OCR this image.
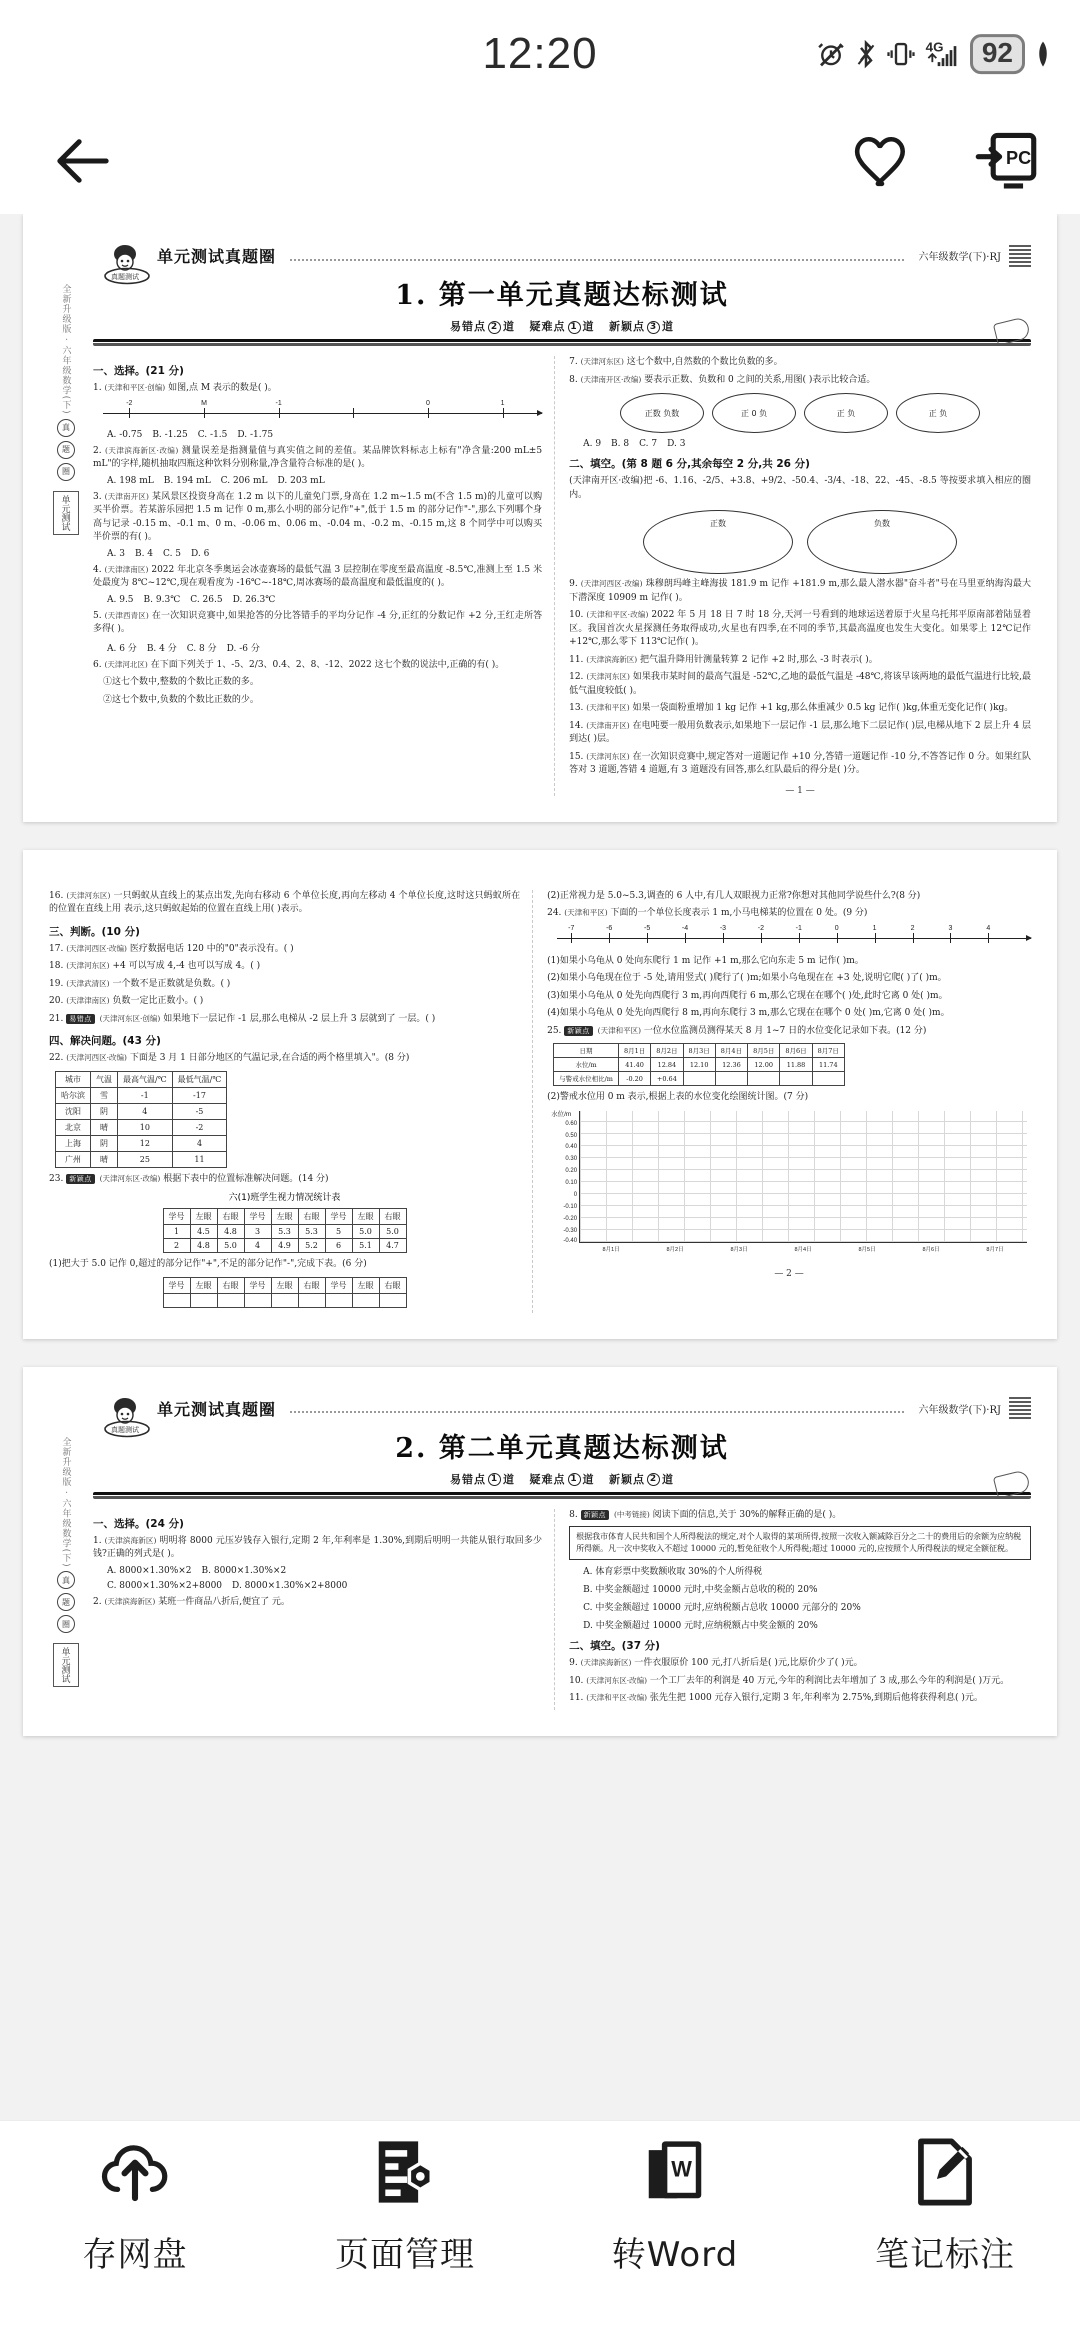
12:20	4G	92
PC
全新升级版 · 六年级数学(下)
真
题
圈
单元测试
真题测试
单元测试真题圈	六年级数学(下)·RJ
1. 第一单元真题达标测试
易错点 2 道 疑难点 1 道 新颖点 3 道
一、选择。(21 分)
1. (天津和平区·创编) 如图,点 M 表示的数是( )。
-2	M	-1	0	1
A. -0.75 B. -1.25 C. -1.5 D. -1.75
2. (天津滨海新区·改编) 测量误差是指测量值与真实值之间的差值。某品牌饮料标志上标有"净含量:200 mL±5 mL"的字样,随机抽取四瓶这种饮料分别称量,净含量符合标准的是( )。
A. 198 mL B. 194 mL C. 206 mL D. 203 mL
3. (天津南开区) 某风景区投资身高在 1.2 m 以下的儿童免门票,身高在 1.2 m~1.5 m(不含 1.5 m)的儿童可以购买半价票。若某游乐园把 1.5 m 记作 0 m,那么小明的部分记作"+",低于 1.5 m 的部分记作"-",那么下列哪个身高与记录 -0.15 m、-0.1 m、0 m、-0.06 m、0.06 m、-0.04 m、-0.2 m、-0.15 m,这 8 个同学中可以购买半价票的有( )。
A. 3 B. 4 C. 5 D. 6
4. (天津津南区) 2022 年北京冬季奥运会冰壶赛场的最低气温 3 层控制在零度至最高温度 -8.5℃,准测上至 1.5 米处最度为 8℃~12℃,现在观看度为 -16℃~-18℃,周冰赛场的最高温度和最低温度的( )。
A. 9.5 B. 9.3℃ C. 26.5 D. 26.3℃
5. (天津西青区) 在一次知识竞赛中,如果抢答的分比答错手的平均分记作 -4 分,正红的分数记作 +2 分,王红走所答多得( )。
A. 6 分 B. 4 分 C. 8 分 D. -6 分
6. (天津河北区) 在下面下列关于 1、-5、2/3、0.4、2、8、-12、2022 这七个数的说法中,正确的有( )。
①这七个数中,整数的个数比正数的多。
②这七个数中,负数的个数比正数的少。
7. (天津河东区) 这七个数中,自然数的个数比负数的多。
8. (天津南开区·改编) 要表示正数、负数和 0 之间的关系,用图( )表示比较合适。
正数 负数	正 0 负	正 负	正 负
A. 9 B. 8 C. 7 D. 3
二、填空。(第 8 题 6 分,其余每空 2 分,共 26 分)
(天津南开区·改编)把 -6、1.16、-2/5、+3.8、+9/2、-50.4、-3/4、-18、22、-45、-8.5 等按要求填入相应的圈内。
正数	负数
9. (天津河西区·改编) 珠穆朗玛峰主峰海拔 181.9 m 记作 +181.9 m,那么最人潜水器"奋斗者"号在马里亚纳海沟最大下潜深度 10909 m 记作( )。
10. (天津和平区·改编) 2022 年 5 月 18 日 7 时 18 分,天河一号看到的地球运送着原于火星乌托邦平原南部着陆显着区。我国首次火星探测任务取得成功,火星也有四季,在不同的季节,其最高温度也发生大变化。如果零上 12℃记作 +12℃,那么零下 113℃记作( )。
11. (天津滨海新区) 把气温升降用针测量转算 2 记作 +2 时,那么 -3 时表示( )。
12. (天津河东区) 如果我市某时间的最高气温是 -52℃,乙地的最低气温是 -48℃,将该早该两地的最低气温进行比较,最低气温度较低( )。
13. (天津和平区) 如果一袋面粉重增加 1 kg 记作 +1 kg,那么体重减少 0.5 kg 记作( )kg,体重无变化记作( )kg。
14. (天津南开区) 在电吨要一般用负数表示,如果地下一层记作 -1 层,那么地下二层记作( )层,电梯从地下 2 层上升 4 层到达( )层。
15. (天津河东区) 在一次知识竞赛中,规定答对一道题记作 +10 分,答错一道题记作 -10 分,不答答记作 0 分。如果红队答对 3 道题,答错 4 道题,有 3 道题没有回答,那么红队最后的得分是( )分。
— 1 —
16. (天津河东区) 一只蚂蚁从直线上的某点出发,先向右移动 6 个单位长度,再向左移动 4 个单位长度,这时这只蚂蚁所在的位置在直线上用 表示,这只蚂蚁起始的位置在直线上用( )表示。
三、判断。(10 分)
17. (天津河西区·改编) 医疗数据电话 120 中的"0"表示没有。( )
18. (天津河东区) +4 可以写成 4,-4 也可以写成 4。( )
19. (天津武清区) 一个数不是正数就是负数。( )
20. (天津津南区) 负数一定比正数小。( )
21. 易错点 (天津河东区·创编) 如果地下一层记作 -1 层,那么电梯从 -2 层上升 3 层就到了 一层。( )
四、解决问题。(43 分)
22. (天津河西区·改编) 下面是 3 月 1 日部分地区的气温记录,在合适的两个格里填入"。(8 分)
城市	气温	最高气温/℃	最低气温/℃
哈尔滨	雪	-1	-17
沈阳	阴	4	-5
北京	晴	10	-2
上海	阴	12	4
广州	晴	25	11
23. 新颖点 (天津河东区·改编) 根据下表中的位置标准解决问题。(14 分)
六(1)班学生视力情况统计表
学号	左眼	右眼	学号	左眼	右眼	学号	左眼	右眼
1	4.5	4.8	3	5.3	5.3	5	5.0	5.0
2	4.8	5.0	4	4.9	5.2	6	5.1	4.7
(1)把大于 5.0 记作 0,超过的部分记作"+",不足的部分记作"-",完成下表。(6 分)
学号	左眼	右眼	学号	左眼	右眼	学号	左眼	右眼

(2)正常视力是 5.0~5.3,调查的 6 人中,有几人双眼视力正常?你想对其他同学说些什么?(8 分)
24. (天津和平区) 下面的一个单位长度表示 1 m,小马电梯某的位置在 0 处。(9 分)
-7	-6	-5	-4	-3	-2	-1	0	1	2	3	4
(1)如果小乌龟从 0 处向东爬行 1 m 记作 +1 m,那么它向东走 5 m 记作( )m。
(2)如果小乌龟现在位于 -5 处,请用竖式( )爬行了( )m;如果小乌龟现在在 +3 处,说明它爬( )了( )m。
(3)如果小乌龟从 0 处先向西爬行 3 m,再向西爬行 6 m,那么它现在在哪个( )处,此时它离 0 处( )m。
(4)如果小乌龟从 0 处先向西爬行 8 m,再向东爬行 3 m,那么它现在在哪个 0 处( )m,它离 0 处( )m。
25. 新颖点 (天津和平区) 一位水位监测员测得某天 8 月 1~7 日的水位变化记录如下表。(12 分)
日期	8月1日	8月2日	8月3日	8月4日	8月5日	8月6日	8月7日
水位/m	41.40	12.84	12.10	12.36	12.00	11.88	11.74
与警戒水位相比/m	-0.20	+0.64					
(2)警戒水位用 0 m 表示,根据上表的水位变化绘图统计图。(7 分)
水位/m
0.60
0.50
0.40
0.30
0.20
0.10
0
-0.10
-0.20
-0.30
-0.40
8月1日	8月2日	8月3日	8月4日	8月5日	8月6日	8月7日
— 2 —
全新升级版 · 六年级数学(下)
真
题
圈
单元测试
真题测试
单元测试真题圈	六年级数学(下)·RJ
2. 第二单元真题达标测试
易错点 1 道 疑难点 1 道 新颖点 2 道
一、选择。(24 分)
1. (天津滨海新区) 明明将 8000 元压岁钱存入银行,定期 2 年,年利率是 1.30%,到期后明明一共能从银行取回多少钱?正确的列式是( )。
A. 8000×1.30%×2 B. 8000×1.30%×2
C. 8000×1.30%×2+8000 D. 8000×1.30%×2+8000
2. (天津滨海新区) 某班一件商品八折后,便宜了 元。
8. 新颖点 (中考链接) 阅读下面的信息,关于 30%的解释正确的是( )。
根据我市体育人民共和国个人所得税法的规定,对个人取得的某项所得,按照一次收入额减除百分之二十的费用后的余额为应纳税所得额。凡一次中奖收入不超过 10000 元的,暂免征收个人所得税;超过 10000 元的,应按照个人所得税法的规定全额征税。
A. 体育彩票中奖数额收取 30%的个人所得税
B. 中奖金额超过 10000 元时,中奖金额占总收的税的 20%
C. 中奖金额超过 10000 元时,应纳税额占总收 10000 元部分的 20%
D. 中奖金额超过 10000 元时,应纳税额占中奖金额的 20%
二、填空。(37 分)
9. (天津滨海新区) 一件衣服原价 100 元,打八折后是( )元,比原价少了( )元。
10. (天津河东区·改编) 一个工厂去年的利润是 40 万元,今年的利润比去年增加了 3 成,那么今年的利润是( )万元。
11. (天津和平区·改编) 张先生把 1000 元存入银行,定期 3 年,年利率为 2.75%,到期后他将获得利息( )元。
存网盘	页面管理
W
转Word	笔记标注
